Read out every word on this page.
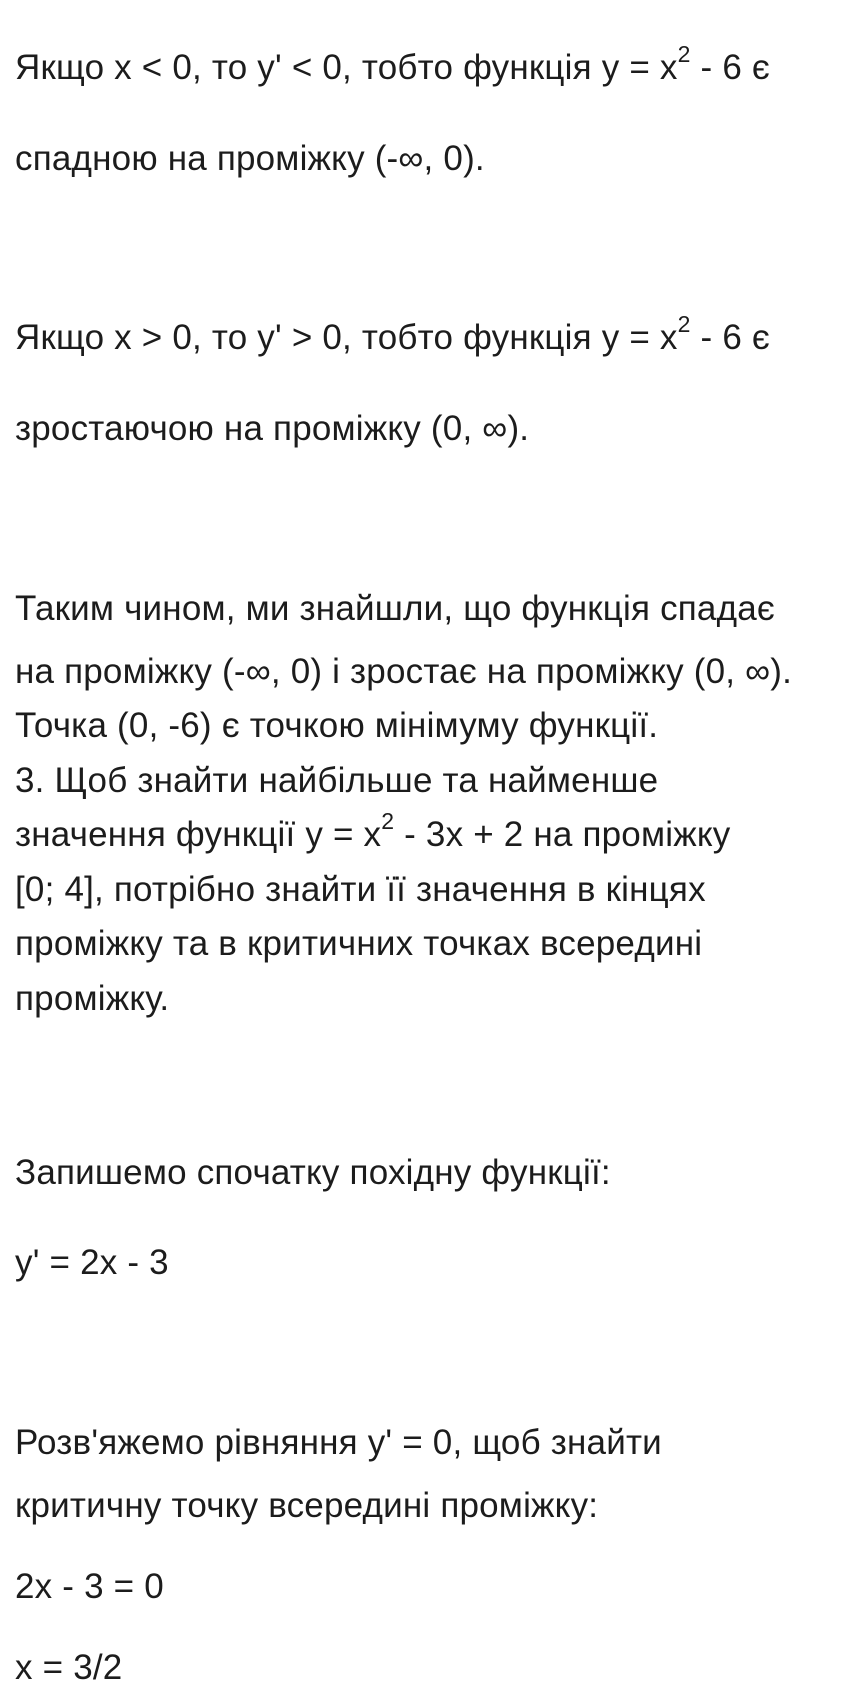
Якщо x < 0, то y' < 0, тобто функція $y = x^2 - 6$ є
спадною на проміжку (-∞, 0).
Якщо x > 0, то y' > 0, тобто функція $y = x^2 - 6$ є
зростаючою на проміжку (0, ∞).
Таким чином, ми знайшли, що функція спадає
на проміжку (-∞, 0) і зростає на проміжку (0, ∞).
Точка (0, -6) є точкою мінімуму функції.
3. Щоб знайти найбільше та найменше
значення функції $y = x^2 - 3x + 2$ на проміжку
[0; 4], потрібно знайти її значення в кінцях
проміжку та в критичних точках всередині
проміжку.
Запишемо спочатку похідну функції:
y' = 2x - 3
Розв'яжемо рівняння y' = 0, щоб знайти
критичну точку всередині проміжку:
2x - 3 = 0
x = 3/2
